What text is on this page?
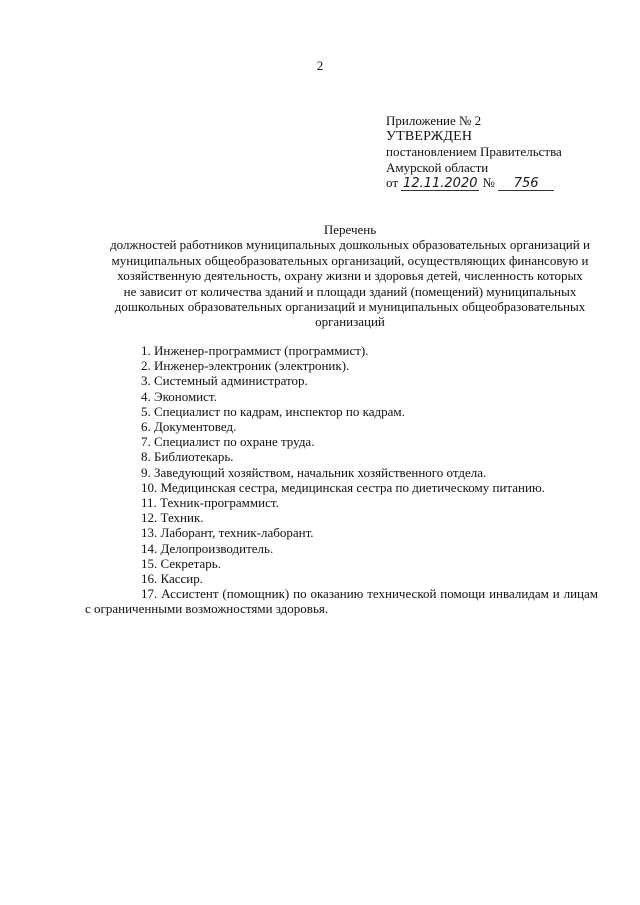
2
Приложение № 2
УТВЕРЖДЕН
постановлением Правительства
Амурской области
от 12.11.2020 № 756
Перечень
должностей работников муниципальных дошкольных образовательных организаций и
муниципальных общеобразовательных организаций, осуществляющих финансовую и
хозяйственную деятельность, охрану жизни и здоровья детей, численность которых
не зависит от количества зданий и площади зданий (помещений) муниципальных
дошкольных образовательных организаций и муниципальных общеобразовательных
организаций
1. Инженер-программист (программист).
2. Инженер-электроник (электроник).
3. Системный администратор.
4. Экономист.
5. Специалист по кадрам, инспектор по кадрам.
6. Документовед.
7. Специалист по охране труда.
8. Библиотекарь.
9. Заведующий хозяйством, начальник хозяйственного отдела.
10. Медицинская сестра, медицинская сестра по диетическому питанию.
11. Техник-программист.
12. Техник.
13. Лаборант, техник-лаборант.
14. Делопроизводитель.
15. Секретарь.
16. Кассир.
17. Ассистент (помощник) по оказанию технической помощи инвалидам и лицам с ограниченными возможностями здоровья.
